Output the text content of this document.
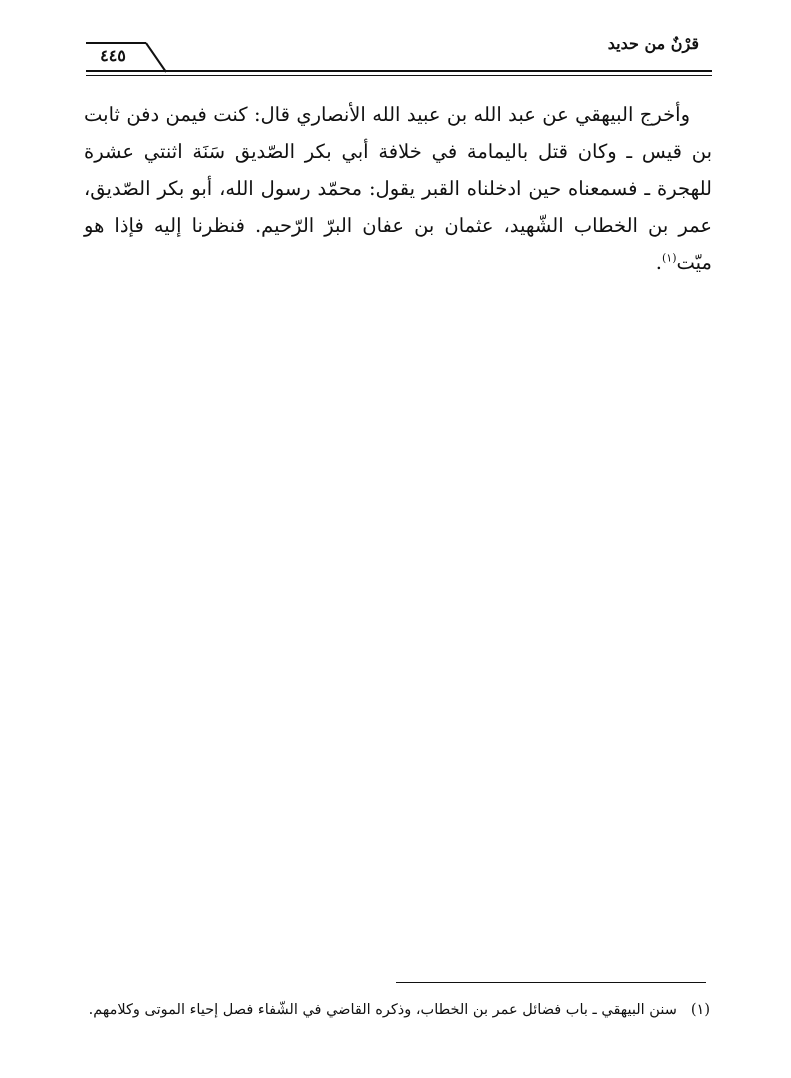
قرْنٌ من حديد
٤٤٥

وأخرج البيهقي عن عبد الله بن عبيد الله الأنصاري قال: كنت فيمن دفن ثابت بن قيس ـ وكان قتل باليمامة في خلافة أبي بكر الصّديق سَنَة اثنتي عشرة للهجرة ـ فسمعناه حين ادخلناه القبر يقول: محمّد رسول الله، أبو بكر الصّديق، عمر بن الخطاب الشّهيد، عثمان بن عفان البرّ الرّحيم. فنظرنا إليه فإذا هو ميّت$^{(١)}$.

(١)سنن البيهقي ـ باب فضائل عمر بن الخطاب، وذكره القاضي في الشّفاء فصل إحياء الموتى وكلامهم.
